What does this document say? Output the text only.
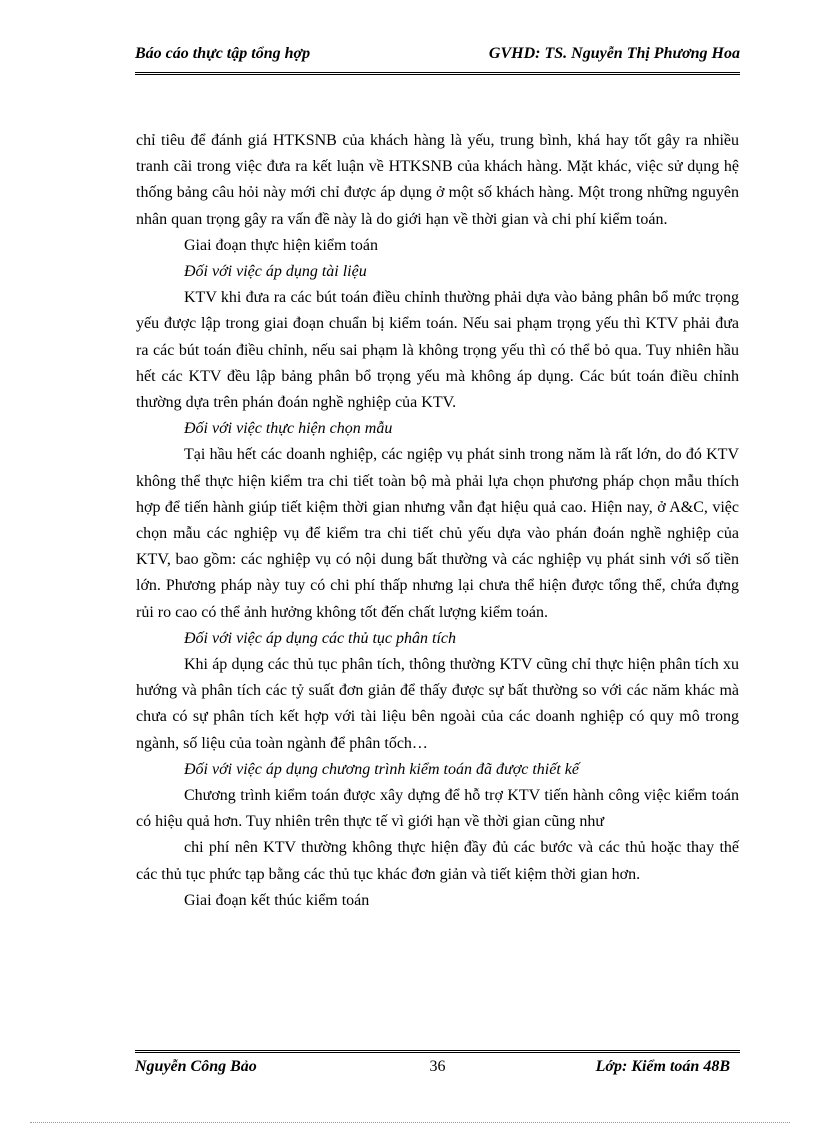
Báo cáo thực tập tổng hợp	GVHD: TS. Nguyễn Thị Phương Hoa

chỉ tiêu để đánh giá HTKSNB của khách hàng là yếu, trung bình, khá hay tốt gây ra nhiều tranh cãi trong việc đưa ra kết luận về HTKSNB của khách hàng. Mặt khác, việc sử dụng hệ thống bảng câu hỏi này mới chỉ được áp dụng ở một số khách hàng. Một trong những nguyên nhân quan trọng gây ra vấn đề này là do giới hạn về thời gian và chi phí kiểm toán.

Giai đoạn thực hiện kiểm toán

Đối với việc áp dụng tài liệu

KTV khi đưa ra các bút toán điều chỉnh thường phải dựa vào bảng phân bổ mức trọng yếu được lập trong giai đoạn chuẩn bị kiểm toán. Nếu sai phạm trọng yếu thì KTV phải đưa ra các bút toán điều chỉnh, nếu sai phạm là không trọng yếu thì có thể bỏ qua. Tuy nhiên hầu hết các KTV đều lập bảng phân bổ trọng yếu mà không áp dụng. Các bút toán điều chỉnh thường dựa trên phán đoán nghề nghiệp của KTV.

Đối với việc thực hiện chọn mẫu

Tại hầu hết các doanh nghiệp, các ngiệp vụ phát sinh trong năm là rất lớn, do đó KTV không thể thực hiện kiểm tra chi tiết toàn bộ mà phải lựa chọn phương pháp chọn mẫu thích hợp để tiến hành giúp tiết kiệm thời gian nhưng vẫn đạt hiệu quả cao. Hiện nay, ở A&C, việc chọn mẫu các nghiệp vụ để kiểm tra chi tiết chủ yếu dựa vào phán đoán nghề nghiệp của KTV, bao gồm: các nghiệp vụ có nội dung bất thường và các nghiệp vụ phát sinh với số tiền lớn. Phương pháp này tuy có chi phí thấp nhưng lại chưa thể hiện được tổng thể, chứa đựng rủi ro cao có thể ảnh hưởng không tốt đến chất lượng kiểm toán.

Đối với việc áp dụng các thủ tục phân tích

Khi áp dụng các thủ tục phân tích, thông thường KTV cũng chỉ thực hiện phân tích xu hướng và phân tích các tỷ suất đơn giản để thấy được sự bất thường so với các năm khác mà chưa có sự phân tích kết hợp với tài liệu bên ngoài của các doanh nghiệp có quy mô trong ngành, số liệu của toàn ngành để phân tốch…

Đối với việc áp dụng chương trình kiểm toán đã được thiết kế

Chương trình kiểm toán được xây dựng để hỗ trợ KTV tiến hành công việc kiểm toán có hiệu quả hơn. Tuy nhiên trên thực tế vì giới hạn về thời gian cũng như

chi phí nên KTV thường không thực hiện đầy đủ các bước và các thủ hoặc thay thế các thủ tục phức tạp bằng các thủ tục khác đơn giản và tiết kiệm thời gian hơn.

Giai đoạn kết thúc kiểm toán

Nguyễn Công Bảo	36	Lớp: Kiểm toán 48B
